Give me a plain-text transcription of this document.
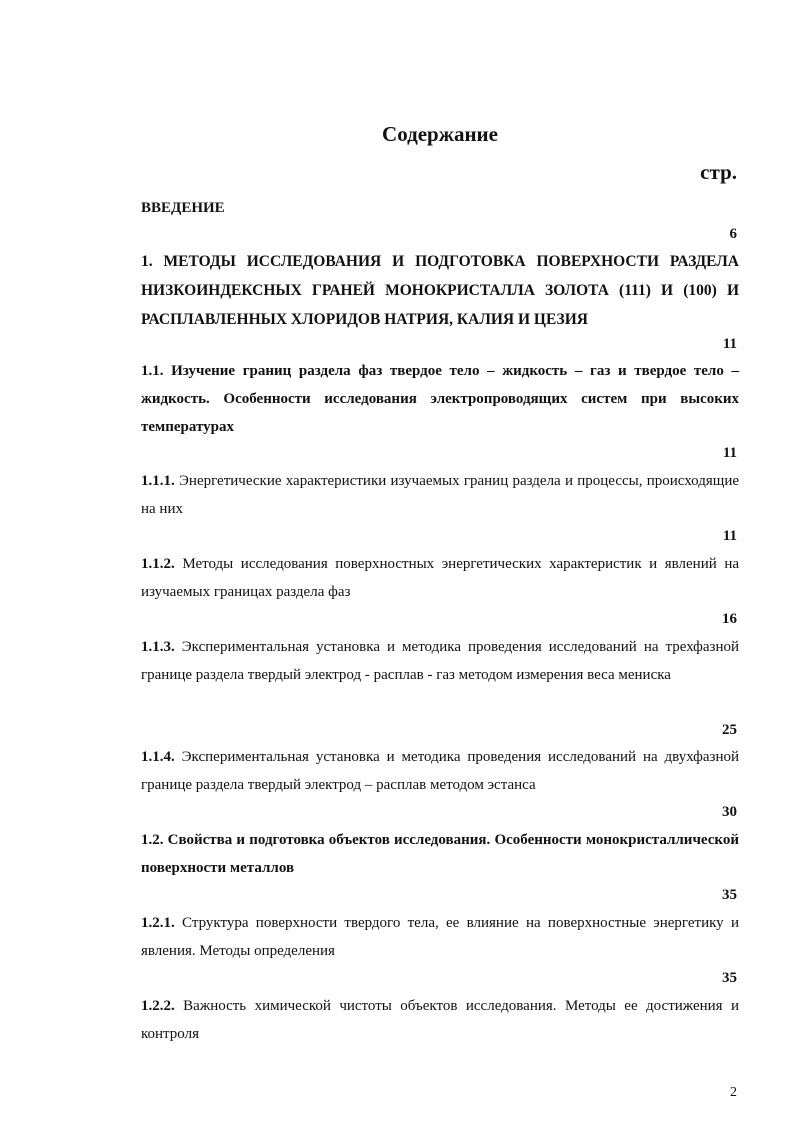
Содержание
стр.
ВВЕДЕНИЕ
6
1. МЕТОДЫ ИССЛЕДОВАНИЯ И ПОДГОТОВКА ПОВЕРХНОСТИ РАЗДЕЛА НИЗКОИНДЕКСНЫХ ГРАНЕЙ МОНОКРИСТАЛЛА ЗОЛОТА (111) И (100) И РАСПЛАВЛЕННЫХ ХЛОРИДОВ НАТРИЯ, КАЛИЯ И ЦЕЗИЯ
11
1.1. Изучение границ раздела фаз твердое тело – жидкость – газ и твердое тело – жидкость. Особенности исследования электропроводящих систем при высоких температурах
11
1.1.1. Энергетические характеристики изучаемых границ раздела и процессы, происходящие на них
11
1.1.2. Методы исследования поверхностных энергетических характеристик и явлений на изучаемых границах раздела фаз
16
1.1.3. Экспериментальная установка и методика проведения исследований на трехфазной границе раздела твердый электрод - расплав - газ методом измерения веса мениска
25
1.1.4. Экспериментальная установка и методика проведения исследований на двухфазной границе раздела твердый электрод – расплав методом эстанса
30
1.2. Свойства и подготовка объектов исследования. Особенности монокристаллической поверхности металлов
35
1.2.1. Структура поверхности твердого тела, ее влияние на поверхностные энергетику и явления. Методы определения
35
1.2.2. Важность химической чистоты объектов исследования. Методы ее достижения и контроля
2
